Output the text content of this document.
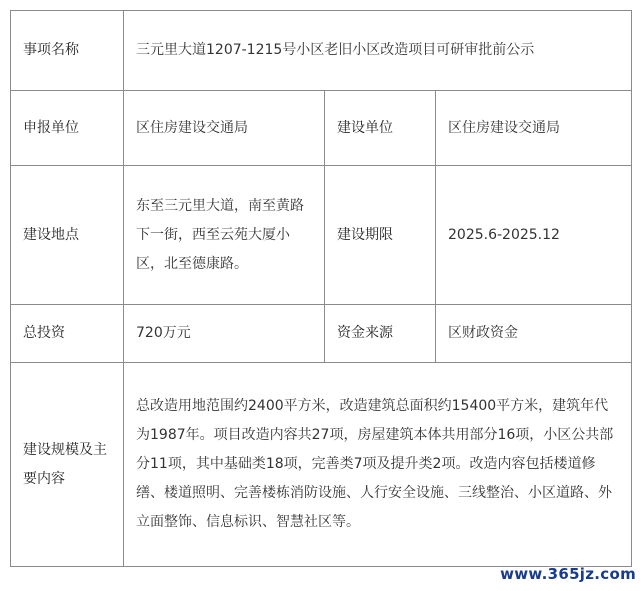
事项名称	三元里大道1207-1215号小区老旧小区改造项目可研审批前公示		
申报单位	区住房建设交通局	建设单位	区住房建设交通局
建设地点	东至三元里大道，南至黄路下一街，西至云苑大厦小区，北至德康路。	建设期限	2025.6-2025.12
总投资	720万元	资金来源	区财政资金
建设规模及主要内容	总改造用地范围约2400平方米，改造建筑总面积约15400平方米，建筑年代为1987年。项目改造内容共27项，房屋建筑本体共用部分16项，小区公共部分11项，其中基础类18项，完善类7项及提升类2项。改造内容包括楼道修缮、楼道照明、完善楼栋消防设施、人行安全设施、三线整治、小区道路、外立面整饰、信息标识、智慧社区等。		
www.365jz.com
